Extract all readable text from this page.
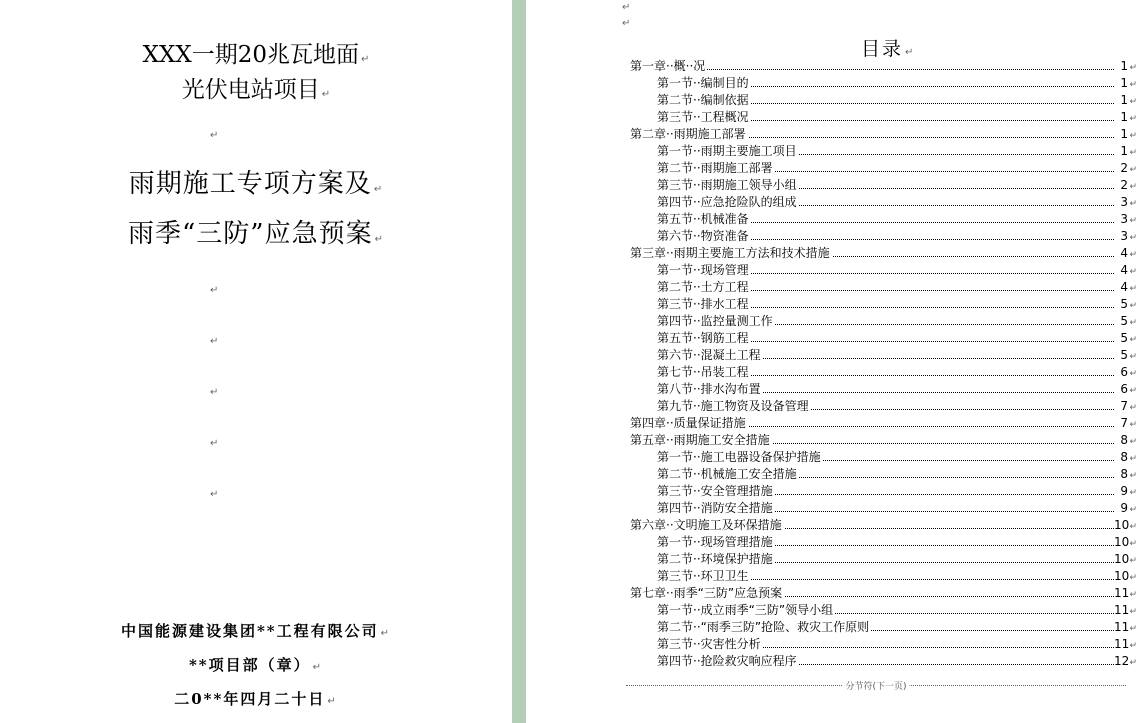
XXX一期20兆瓦地面 ↵
光伏电站项目 ↵
↵
雨期施工专项方案及 ↵
雨季“三防”应急预案 ↵
↵
↵
↵
↵
↵
中国能源建设集团**工程有限公司 ↵
**项目部（章） ↵
二0**年四月二十日 ↵
↵
↵
目录 ↵
第一章··概··况	1 ↵
第一节··编制目的	1 ↵
第二节··编制依据	1 ↵
第三节··工程概况	1 ↵
第二章··雨期施工部署	1 ↵
第一节··雨期主要施工项目	1 ↵
第二节··雨期施工部署	2 ↵
第三节··雨期施工领导小组	2 ↵
第四节··应急抢险队的组成	3 ↵
第五节··机械准备	3 ↵
第六节··物资准备	3 ↵
第三章··雨期主要施工方法和技术措施	4 ↵
第一节··现场管理	4 ↵
第二节··土方工程	4 ↵
第三节··排水工程	5 ↵
第四节··监控量测工作	5 ↵
第五节··钢筋工程	5 ↵
第六节··混凝土工程	5 ↵
第七节··吊装工程	6 ↵
第八节··排水沟布置	6 ↵
第九节··施工物资及设备管理	7 ↵
第四章··质量保证措施	7 ↵
第五章··雨期施工安全措施	8 ↵
第一节··施工电器设备保护措施	8 ↵
第二节··机械施工安全措施	8 ↵
第三节··安全管理措施	9 ↵
第四节··消防安全措施	9 ↵
第六章··文明施工及环保措施	10 ↵
第一节··现场管理措施	10 ↵
第二节··环境保护措施	10 ↵
第三节··环卫卫生	10 ↵
第七章··雨季“三防”应急预案	11 ↵
第一节··成立雨季“三防”领导小组	11 ↵
第二节··“雨季三防”抢险、救灾工作原则	11 ↵
第三节··灾害性分析	11 ↵
第四节··抢险救灾响应程序	12 ↵
分节符(下一页)
